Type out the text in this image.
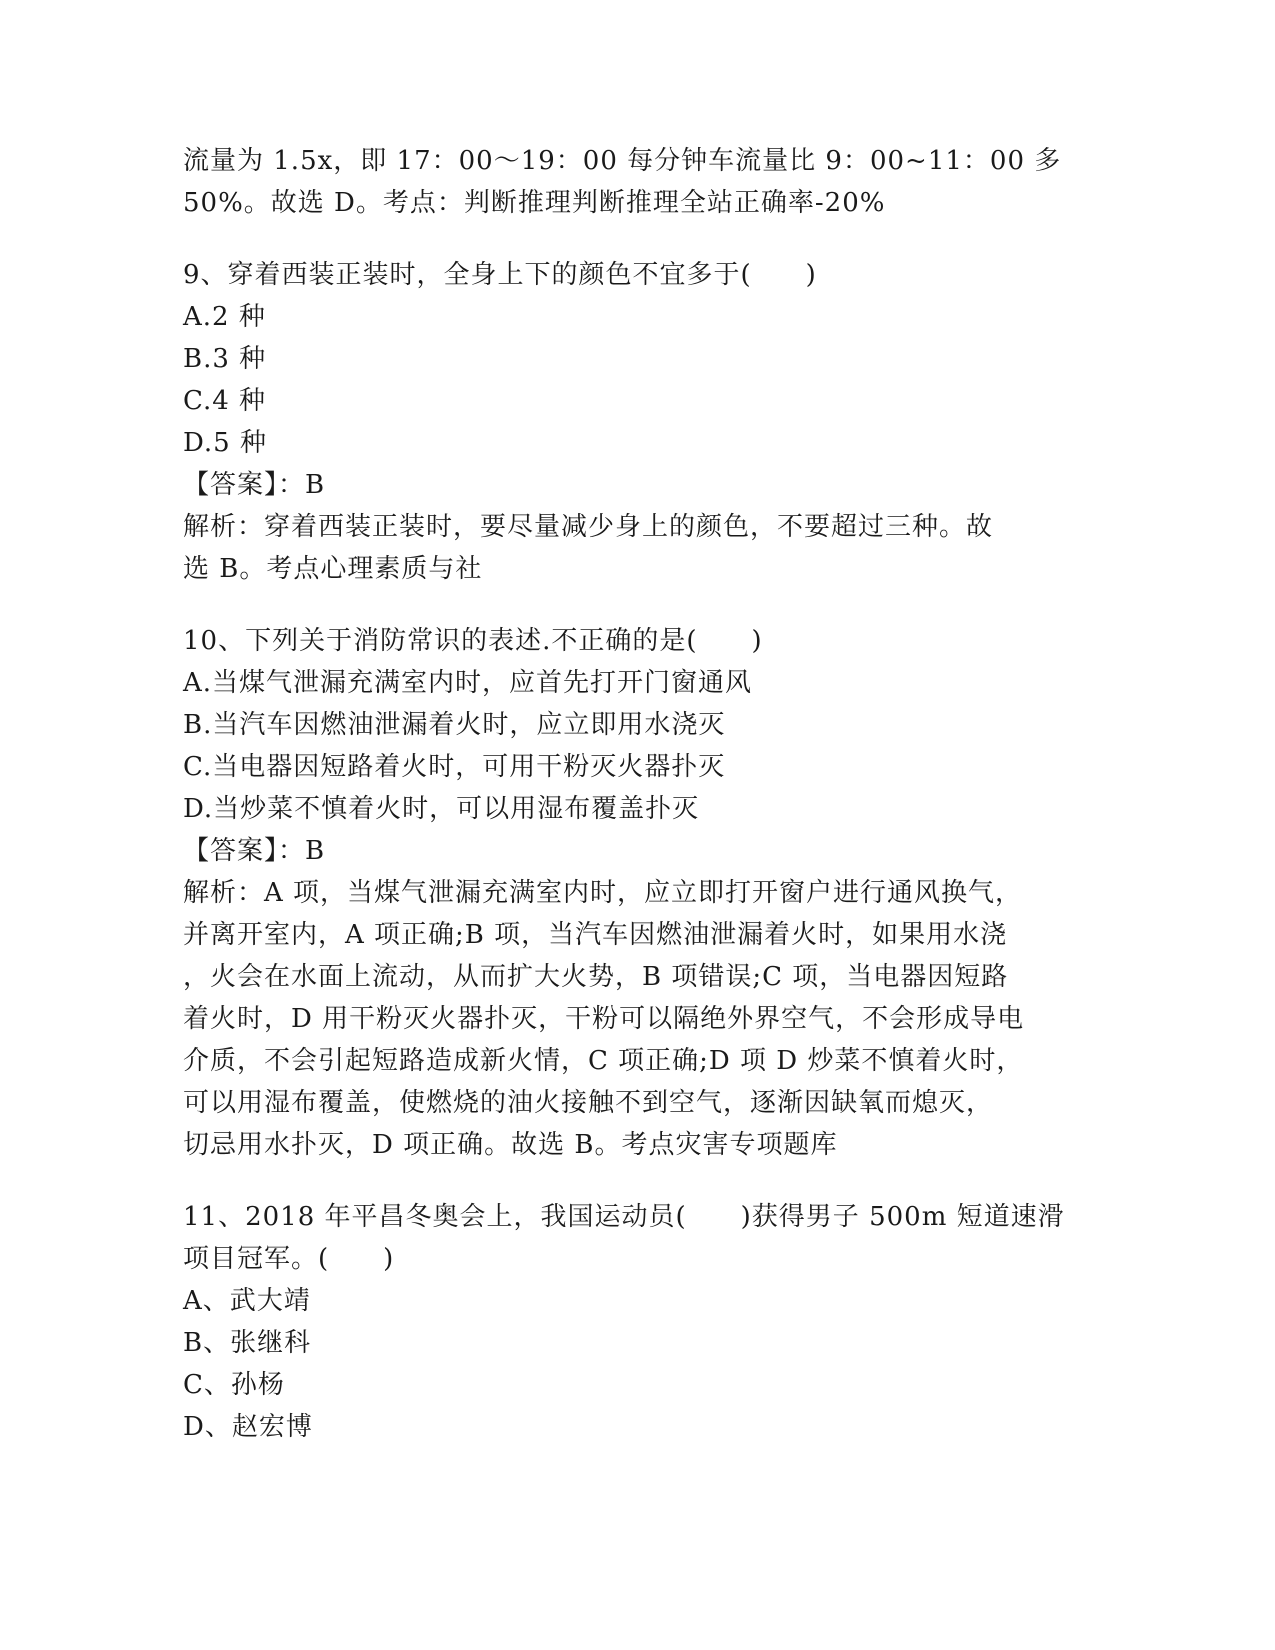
流量为 1.5x，即 17：00～19：00 每分钟车流量比 9：00~11：00 多
50%。故选 D。考点：判断推理判断推理全站正确率-20%
9、穿着西装正装时，全身上下的颜色不宜多于(　　)
A.2 种
B.3 种
C.4 种
D.5 种
【答案】：B
解析：穿着西装正装时，要尽量减少身上的颜色，不要超过三种。故
选 B。考点心理素质与社
10、下列关于消防常识的表述.不正确的是(　　)
A.当煤气泄漏充满室内时，应首先打开门窗通风
B.当汽车因燃油泄漏着火时，应立即用水浇灭
C.当电器因短路着火时，可用干粉灭火器扑灭
D.当炒菜不慎着火时，可以用湿布覆盖扑灭
【答案】：B
解析：A 项，当煤气泄漏充满室内时，应立即打开窗户进行通风换气，
并离开室内，A 项正确;B 项，当汽车因燃油泄漏着火时，如果用水浇
，火会在水面上流动，从而扩大火势，B 项错误;C 项，当电器因短路
着火时，D 用干粉灭火器扑灭，干粉可以隔绝外界空气，不会形成导电
介质，不会引起短路造成新火情，C 项正确;D 项 D 炒菜不慎着火时，
可以用湿布覆盖，使燃烧的油火接触不到空气，逐渐因缺氧而熄灭，
切忌用水扑灭，D 项正确。故选 B。考点灾害专项题库
11、2018 年平昌冬奥会上，我国运动员(　　)获得男子 500m 短道速滑
项目冠军。(　　)
A、武大靖
B、张继科
C、孙杨
D、赵宏博
